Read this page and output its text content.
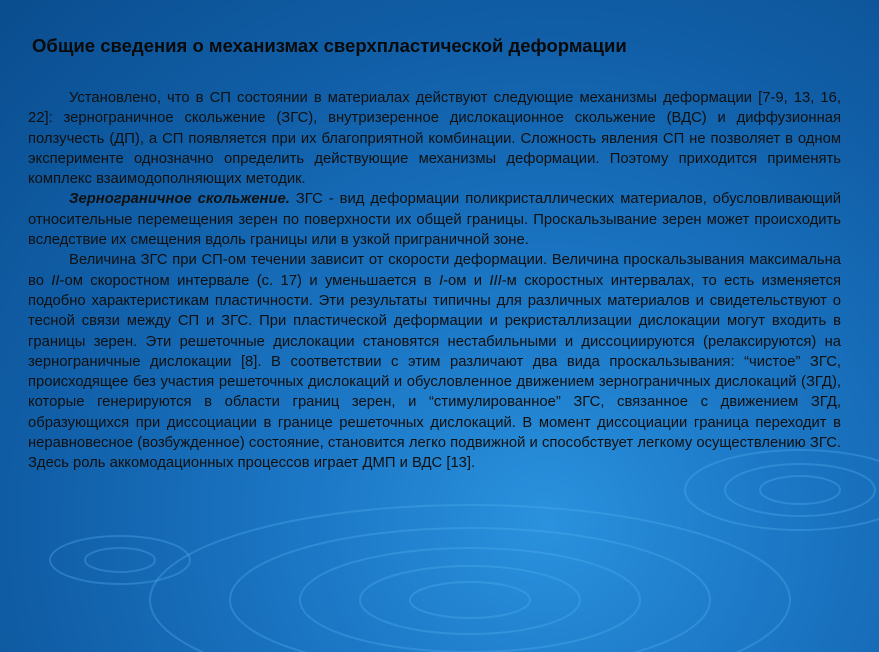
Общие сведения о механизмах сверхпластической деформации

Установлено, что в СП состоянии в материалах действуют следующие механизмы деформации [7-9, 13, 16, 22]: зернограничное скольжение (ЗГС), внутризеренное дислокационное скольжение (ВДС) и диффузионная ползучесть (ДП), а СП появляется при их благоприятной комбинации. Сложность явления СП не позволяет в одном эксперименте однозначно определить действующие механизмы деформации. Поэтому приходится применять комплекс взаимодополняющих методик.

Зернограничное скольжение. ЗГС - вид деформации поликристаллических материалов, обусловливающий относительные перемещения зерен по поверхности их общей границы. Проскальзывание зерен может происходить вследствие их смещения вдоль границы или в узкой приграничной зоне.

Величина ЗГС при СП-ом течении зависит от скорости деформации. Величина проскальзывания максимальна во II-ом скоростном интервале (с. 17) и уменьшается в I-ом и III-м скоростных интервалах, то есть изменяется подобно характеристикам пластичности. Эти результаты типичны для различных материалов и свидетельствуют о тесной связи между СП и ЗГС. При пластической деформации и рекристаллизации дислокации могут входить в границы зерен. Эти решеточные дислокации становятся нестабильными и диссоциируются (релаксируются) на зернограничные дислокации [8]. В соответствии с этим различают два вида проскальзывания: “чистое” ЗГС, происходящее без участия решеточных дислокаций и обусловленное движением зернограничных дислокаций (ЗГД), которые генерируются в области границ зерен, и “стимулированное” ЗГС, связанное с движением ЗГД, образующихся при диссоциации в границе решеточных дислокаций. В момент диссоциации граница переходит в неравновесное (возбужденное) состояние, становится легко подвижной и способствует легкому осуществлению ЗГС. Здесь роль аккомодационных процессов играет ДМП и ВДС [13].
